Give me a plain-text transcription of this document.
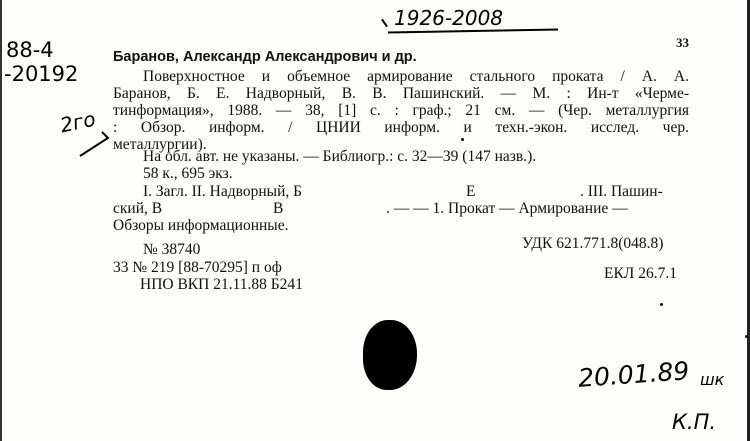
1926-2008
88-4
-20192
2го
33
Баранов, Александр Александрович и др.
Поверхностное и объемное армирование стального проката / А. А.
Баранов, Б. Е. Надворный, В. В. Пашинский. — М. : Ин-т «Черме-
тинформация», 1988. — 38, [1] с. : граф.; 21 см. — (Чер. металлургия
: Обзор. информ. / ЦНИИ информ. и техн.-экон. исслед. чер.
металлургии).
На обл. авт. не указаны. — Библиогр.: с. 32—39 (147 назв.).
58 к., 695 экз.
I. Загл. II. Надворный, Б	Е	. III. Пашин-
ский, В	В	. — — 1. Прокат — Армирование —
Обзоры информационные.
УДК 621.771.8(048.8)
№ 38740
33 № 219 [88-70295] п оф
НПО ВКП 21.11.88 Б241
ЕКЛ 26.7.1
20.01.89 шк
К.П.
